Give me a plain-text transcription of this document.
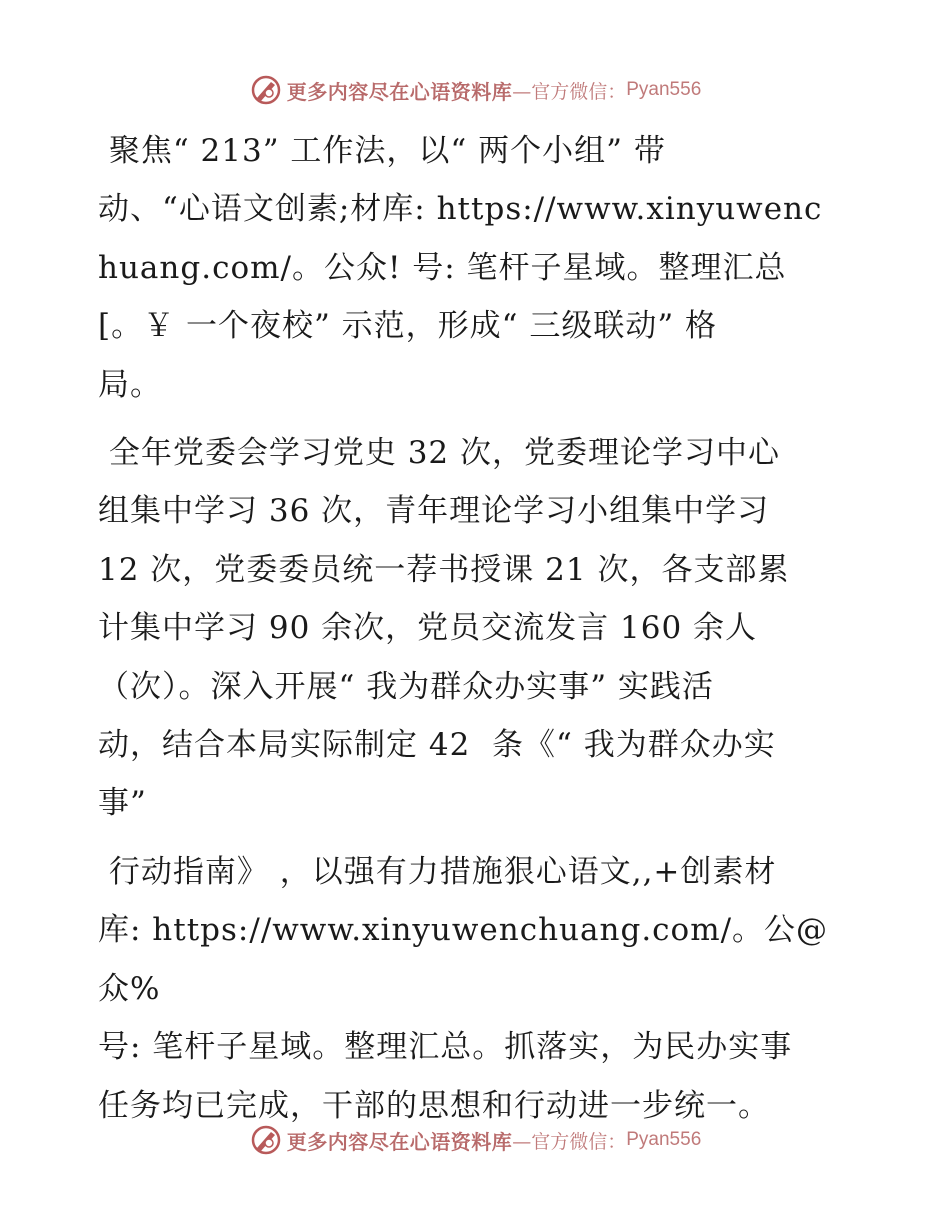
更多内容尽在心语资料库 —官方微信： Pyan556

聚焦“ 213” 工作法，以“ 两个小组” 带
动、“心语文创素;材库: https://www.xinyuwenc
huang.com/。公众! 号: 笔杆子星域。整理汇总
[。￥ 一个夜校” 示范，形成“ 三级联动” 格
局。

全年党委会学习党史 32 次，党委理论学习中心
组集中学习 36 次，青年理论学习小组集中学习
12 次，党委委员统一荐书授课 21 次，各支部累
计集中学习 90 余次，党员交流发言 160 余人
（次）。深入开展“ 我为群众办实事” 实践活
动，结合本局实际制定 42  条《“ 我为群众办实
事”

行动指南》 ，以强有力措施狠心语文,,+创素材
库: https://www.xinyuwenchuang.com/。公@众%
号: 笔杆子星域。整理汇总。抓落实，为民办实事
任务均已完成，干部的思想和行动进一步统一。

更多内容尽在心语资料库 —官方微信： Pyan556
